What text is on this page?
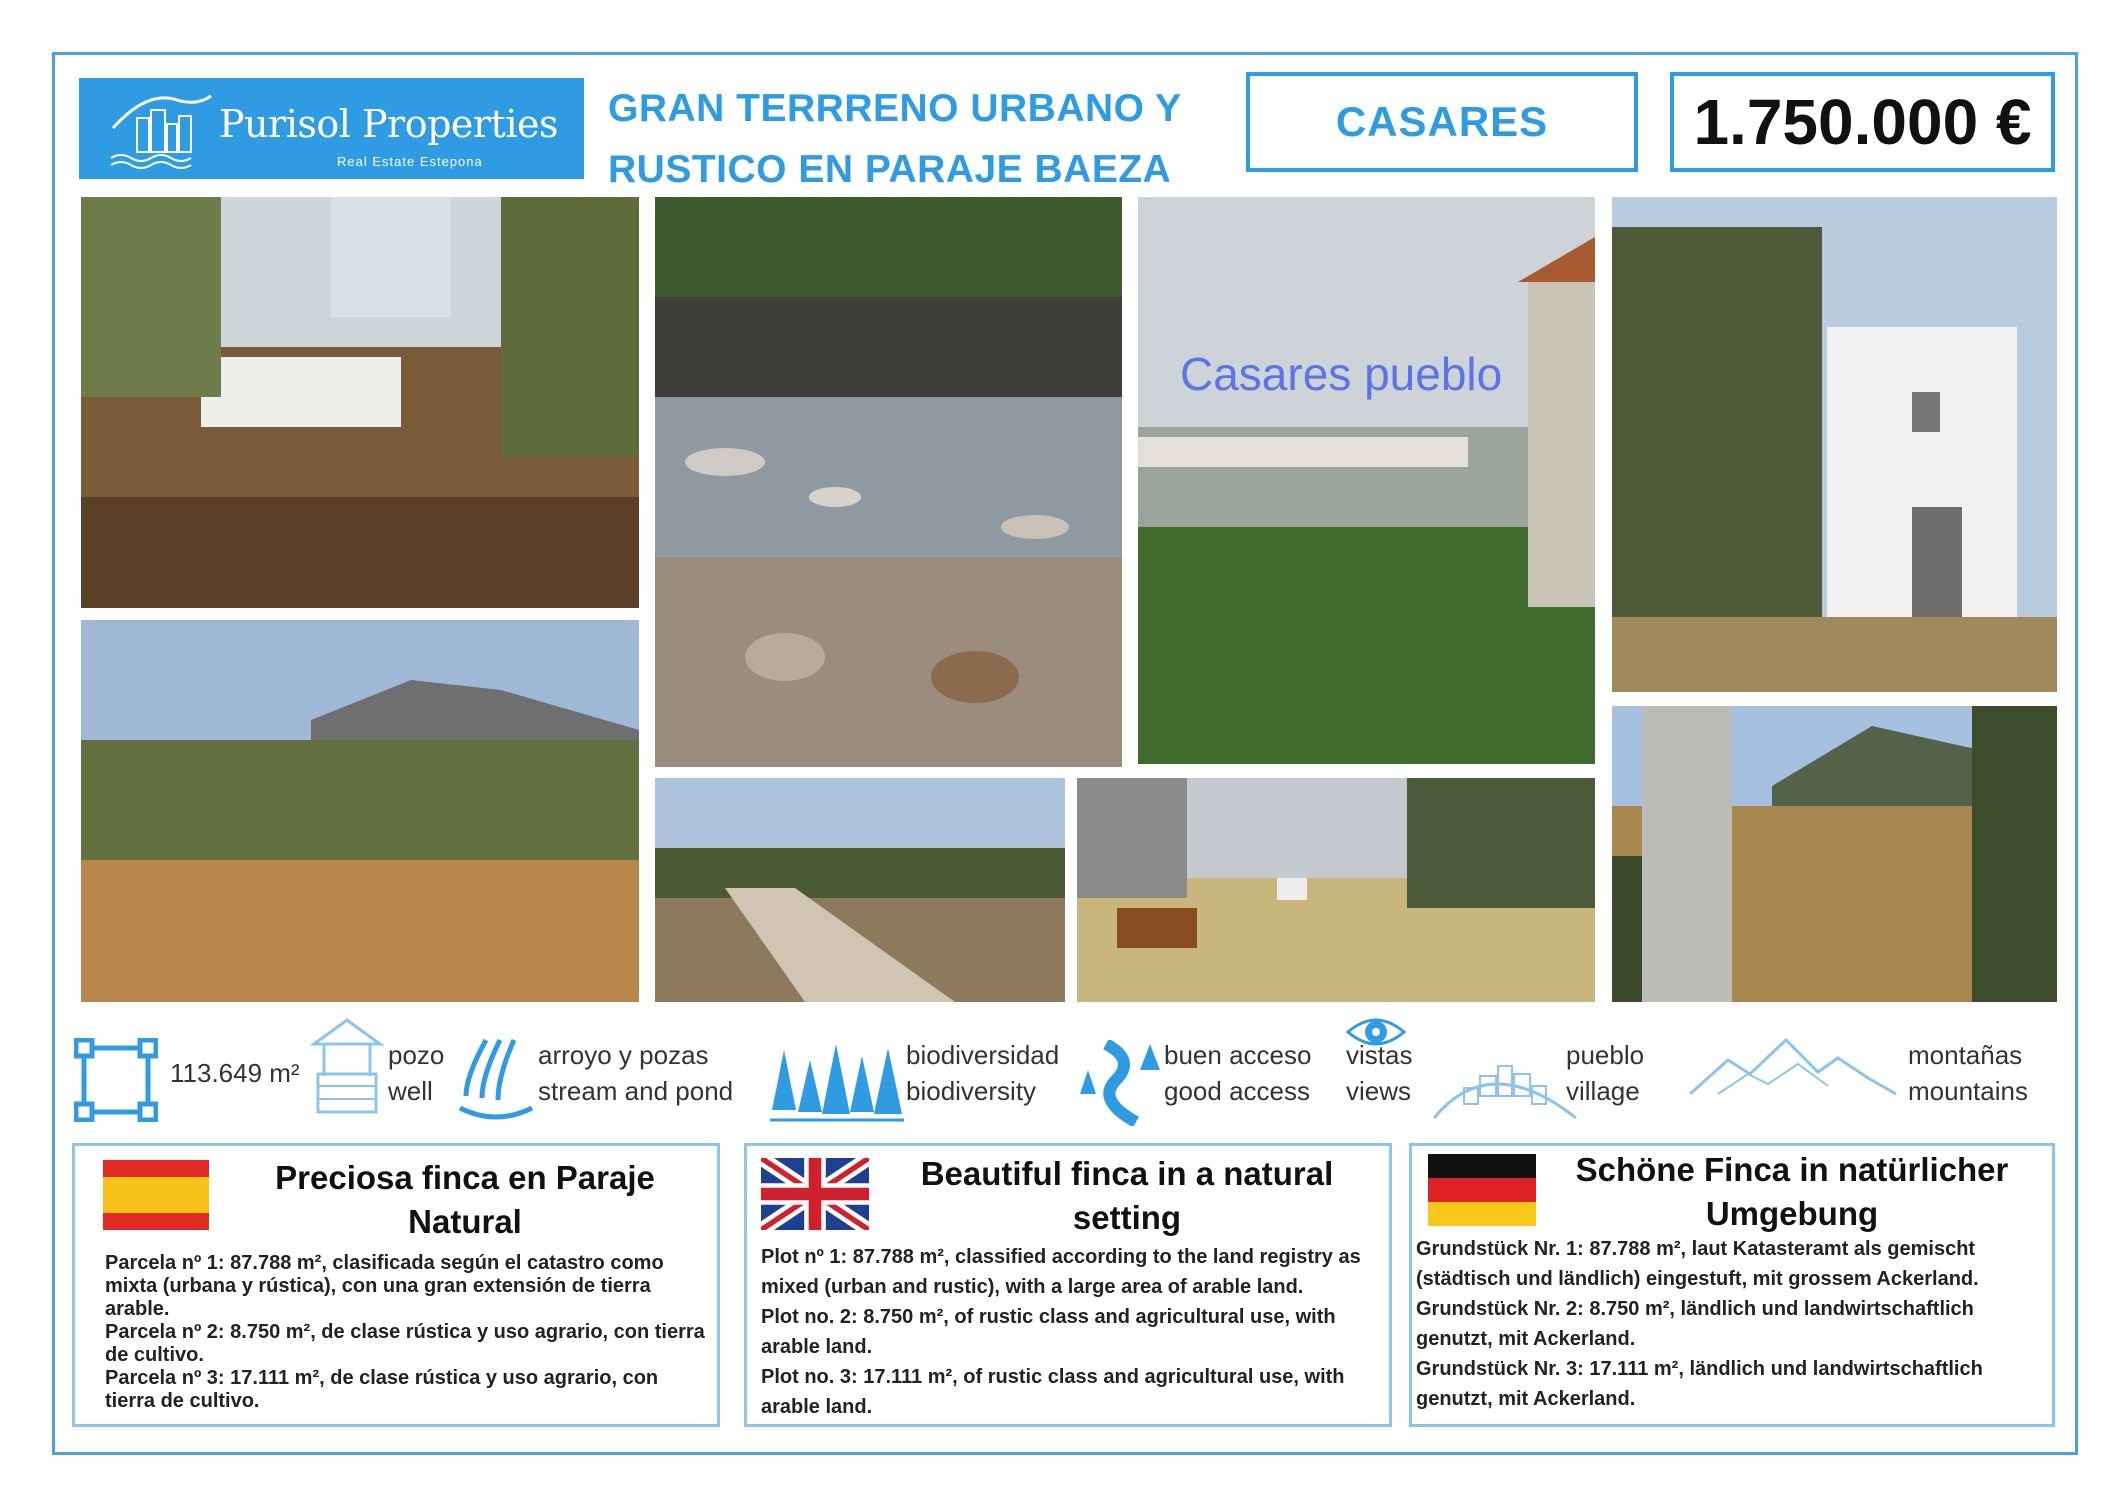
Purisol Properties
Real Estate Estepona
GRAN TERRRENO URBANO Y
RUSTICO EN PARAJE BAEZA
CASARES	1.750.000 €
Casares pueblo
113.649 m²
pozo
well
arroyo y pozas
stream and pond
biodiversidad
biodiversity
buen acceso
good access
vistas
views
pueblo
village
montañas
mountains
Preciosa finca en Paraje
Natural

Parcela nº 1: 87.788 m², clasificada según el catastro como mixta (urbana y rústica), con una gran extensión de tierra arable.

Parcela nº 2: 8.750 m², de clase rústica y uso agrario, con tierra de cultivo.

Parcela nº 3: 17.111 m², de clase rústica y uso agrario, con tierra de cultivo.

Beautiful finca in a natural
setting

Plot nº 1: 87.788 m², classified according to the land registry as mixed (urban and rustic), with a large area of arable land.

Plot no. 2: 8.750 m², of rustic class and agricultural use, with arable land.

Plot no. 3: 17.111 m², of rustic class and agricultural use, with arable land.

Schöne Finca in natürlicher
Umgebung

Grundstück Nr. 1: 87.788 m², laut Katasteramt als gemischt (städtisch und ländlich) eingestuft, mit grossem Ackerland.

Grundstück Nr. 2: 8.750 m², ländlich und landwirtschaftlich genutzt, mit Ackerland.

Grundstück Nr. 3: 17.111 m², ländlich und landwirtschaftlich genutzt, mit Ackerland.
